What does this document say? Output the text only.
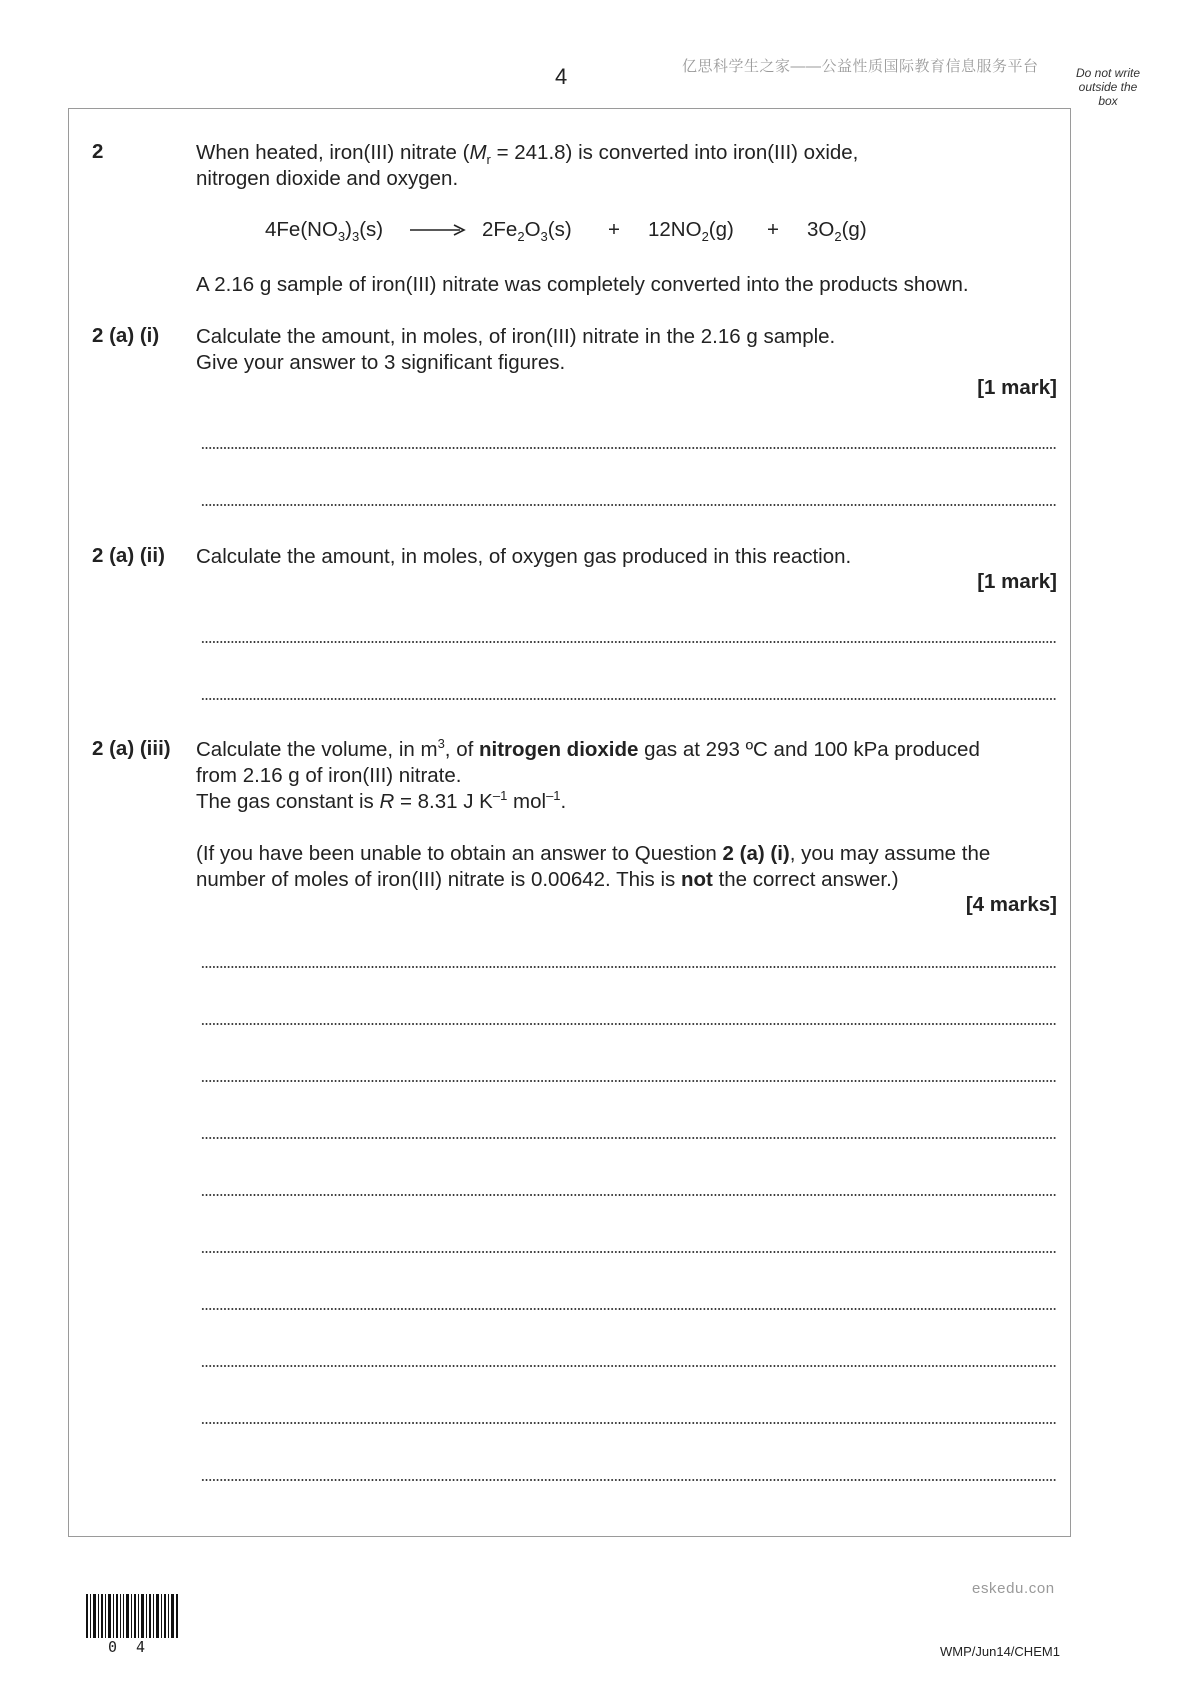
4	亿思科学生之家——公益性质国际教育信息服务平台	Do not write outside the box
2	When heated, iron(III) nitrate $(M_r = 241.8)$ is converted into iron(III) oxide,

nitrogen dioxide and oxygen.

$4Fe(NO_3)_3(s) \to 2Fe_2O_3(s) + 12NO_2(g) + 3O_2(g)$
A 2.16 g sample of iron(III) nitrate was completely converted into the products shown.
2 (a) (i) Calculate the amount, in moles, of iron(III) nitrate in the 2.16 g sample.

Give your answer to 3 significant figures.

[1 mark]
2 (a) (ii) Calculate the amount, in moles, of oxygen gas produced in this reaction.

[1 mark]
2 (a) (iii) Calculate the volume, in $m^3$, of nitrogen dioxide gas at 293 ºC and 100 kPa produced

from 2.16 g of iron(III) nitrate.

The gas constant is R = 8.31 J $K^{-1}$ mol$^{-1}$.

(If you have been unable to obtain an answer to Question 2 (a) (i), you may assume the

number of moles of iron(III) nitrate is 0.00642. This is not the correct answer.)

[4 marks]
0 4
eskedu.con
WMP/Jun14/CHEM1
